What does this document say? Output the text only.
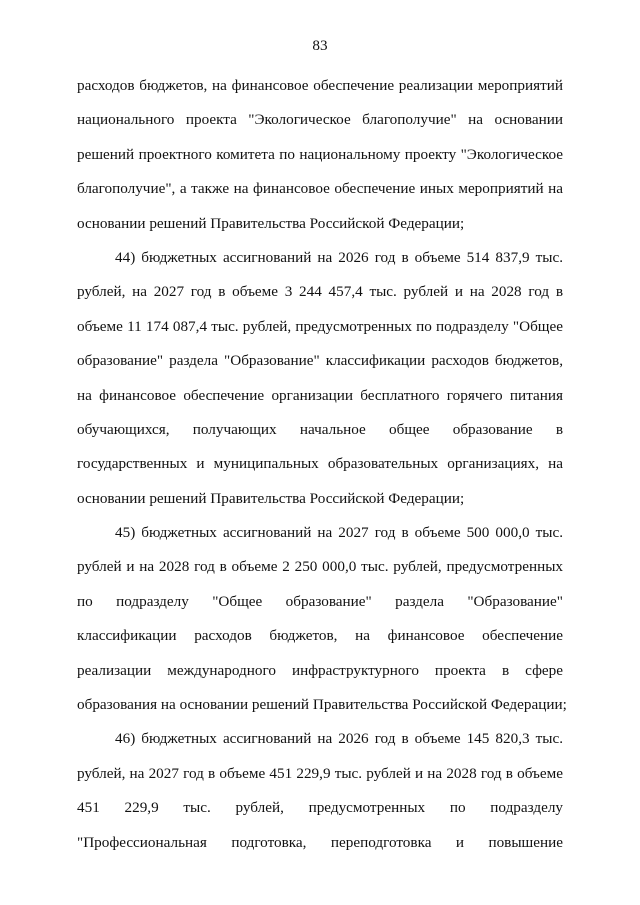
83
расходов бюджетов, на финансовое обеспечение реализации мероприятий
национального проекта "Экологическое благополучие" на основании
решений проектного комитета по национальному проекту "Экологическое
благополучие", а также на финансовое обеспечение иных мероприятий на
основании решений Правительства Российской Федерации;
44) бюджетных ассигнований на 2026 год в объеме 514 837,9 тыс.
рублей, на 2027 год в объеме 3 244 457,4 тыс. рублей и на 2028 год в
объеме 11 174 087,4 тыс. рублей, предусмотренных по подразделу "Общее
образование" раздела "Образование" классификации расходов бюджетов,
на финансовое обеспечение организации бесплатного горячего питания
обучающихся, получающих начальное общее образование в
государственных и муниципальных образовательных организациях, на
основании решений Правительства Российской Федерации;
45) бюджетных ассигнований на 2027 год в объеме 500 000,0 тыс.
рублей и на 2028 год в объеме 2 250 000,0 тыс. рублей, предусмотренных
по подразделу "Общее образование" раздела "Образование"
классификации расходов бюджетов, на финансовое обеспечение
реализации международного инфраструктурного проекта в сфере
образования на основании решений Правительства Российской Федерации;
46) бюджетных ассигнований на 2026 год в объеме 145 820,3 тыс.
рублей, на 2027 год в объеме 451 229,9 тыс. рублей и на 2028 год в объеме
451 229,9 тыс. рублей, предусмотренных по подразделу
"Профессиональная подготовка, переподготовка и повышение
